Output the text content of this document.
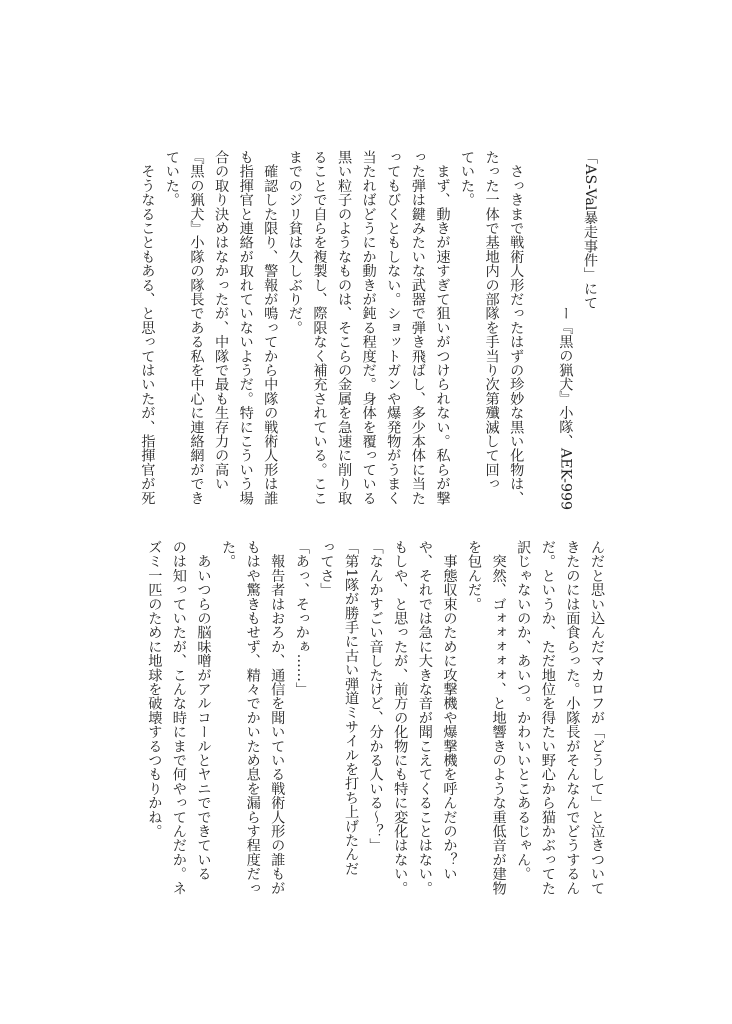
「AS-Val暴走事件」にて
ー『黒の猟犬』小隊、AEK-999
　さっきまで戦術人形だったはずの珍妙な黒い化物は、
たった一体で基地内の部隊を手当り次第殲滅して回っ
ていた。
　まず、動きが速すぎて狙いがつけられない。私らが撃
った弾は鍵みたいな武器で弾き飛ばし、多少本体に当た
ってもびくともしない。ショットガンや爆発物がうまく
当たればどうにか動きが鈍る程度だ。身体を覆っている
黒い粒子のようなものは、そこらの金属を急速に削り取
ることで自らを複製し、際限なく補充されている。ここ
までのジリ貧は久しぶりだ。
　確認した限り、警報が鳴ってから中隊の戦術人形は誰
も指揮官と連絡が取れていないようだ。特にこういう場
合の取り決めはなかったが、中隊で最も生存力の高い
『黒の猟犬』小隊の隊長である私を中心に連絡網ができ
ていた。
　そうなることもある、と思ってはいたが、指揮官が死
んだと思い込んだマカロフが「どうして」と泣きついて
きたのには面食らった。小隊長がそんなんでどうするん
だ。というか、ただ地位を得たい野心から猫かぶってた
訳じゃないのか、あいつ。かわいいとこあるじゃん。
　突然、ゴォォォォォ、と地響きのような重低音が建物
を包んだ。
　事態収束のために攻撃機や爆撃機を呼んだのか？い
や、それでは急に大きな音が聞こえてくることはない。
もしや、と思ったが、前方の化物にも特に変化はない。
「なんかすごい音したけど、分かる人いる～？」
「第1隊が勝手に古い弾道ミサイルを打ち上げたんだ
ってさ」
「あっ、そっかぁ……」
　報告者はおろか、通信を聞いている戦術人形の誰もが
もはや驚きもせず、精々でかいため息を漏らす程度だっ
た。
　あいつらの脳味噌がアルコールとヤニでできている
のは知っていたが、こんな時にまで何やってんだか。ネ
ズミ一匹のために地球を破壊するつもりかね。
